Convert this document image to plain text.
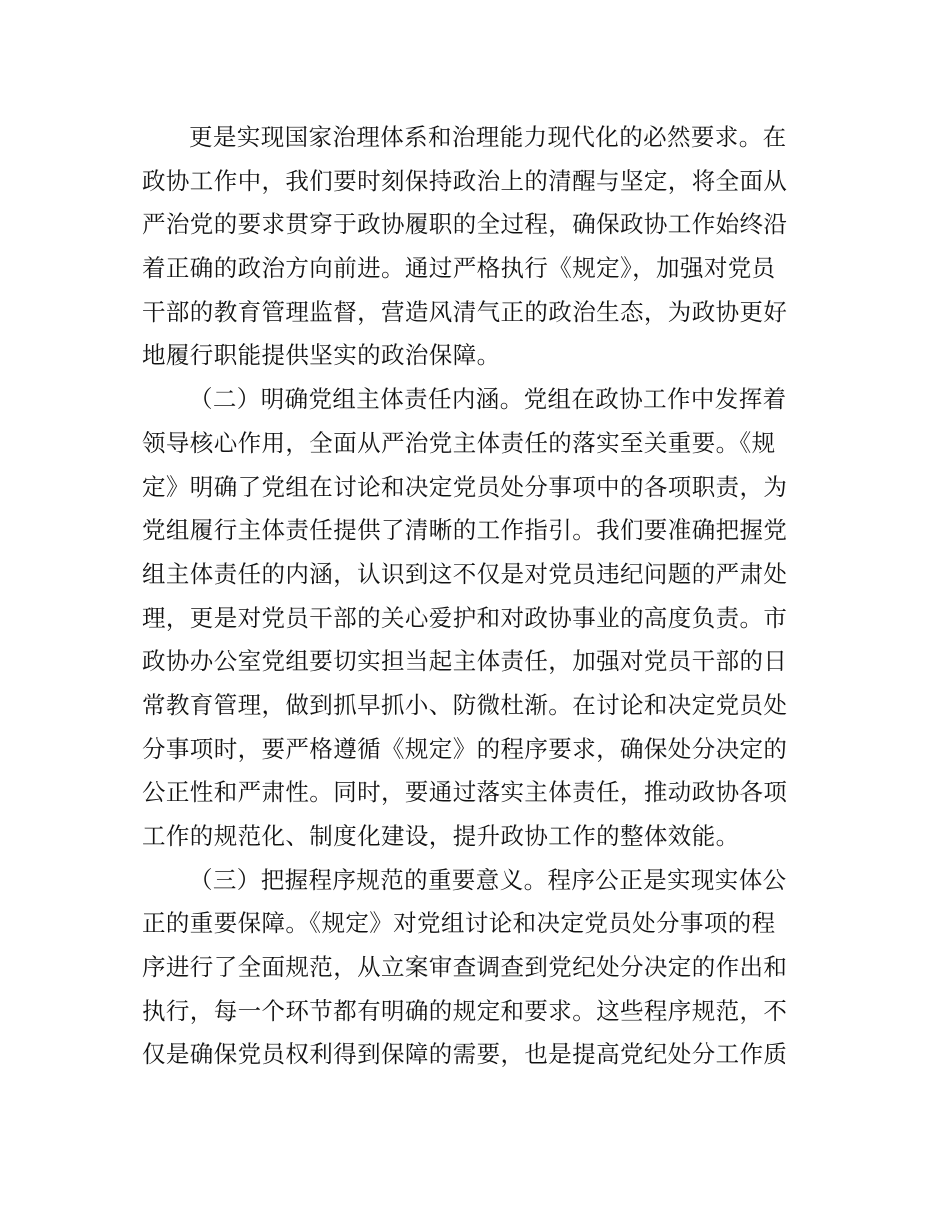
更是实现国家治理体系和治理能力现代化的必然要求。在
政协工作中，我们要时刻保持政治上的清醒与坚定，将全面从
严治党的要求贯穿于政协履职的全过程，确保政协工作始终沿
着正确的政治方向前进。通过严格执行《规定》，加强对党员
干部的教育管理监督，营造风清气正的政治生态，为政协更好
地履行职能提供坚实的政治保障。
（二）明确党组主体责任内涵。党组在政协工作中发挥着
领导核心作用，全面从严治党主体责任的落实至关重要。《规
定》明确了党组在讨论和决定党员处分事项中的各项职责，为
党组履行主体责任提供了清晰的工作指引。我们要准确把握党
组主体责任的内涵，认识到这不仅是对党员违纪问题的严肃处
理，更是对党员干部的关心爱护和对政协事业的高度负责。市
政协办公室党组要切实担当起主体责任，加强对党员干部的日
常教育管理，做到抓早抓小、防微杜渐。在讨论和决定党员处
分事项时，要严格遵循《规定》的程序要求，确保处分决定的
公正性和严肃性。同时，要通过落实主体责任，推动政协各项
工作的规范化、制度化建设，提升政协工作的整体效能。
（三）把握程序规范的重要意义。程序公正是实现实体公
正的重要保障。《规定》对党组讨论和决定党员处分事项的程
序进行了全面规范，从立案审查调查到党纪处分决定的作出和
执行，每一个环节都有明确的规定和要求。这些程序规范，不
仅是确保党员权利得到保障的需要，也是提高党纪处分工作质
